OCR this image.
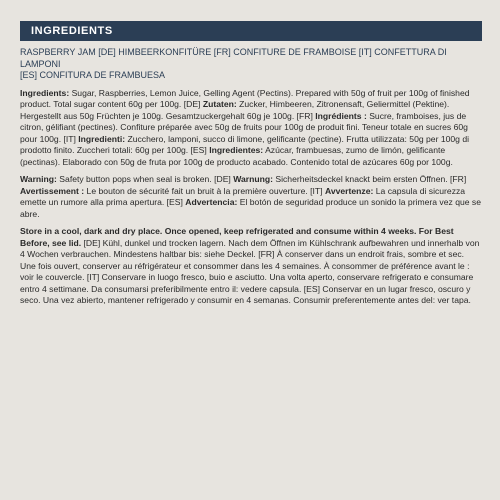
INGREDIENTS
RASPBERRY JAM [DE] HIMBEERKONFITÜRE [FR] CONFITURE DE FRAMBOISE [IT] CONFETTURA DI LAMPONI
[ES] CONFITURA DE FRAMBUESA
Ingredients: Sugar, Raspberries, Lemon Juice, Gelling Agent (Pectins). Prepared with 50g of fruit per 100g of finished product. Total sugar content 60g per 100g. [DE] Zutaten: Zucker, Himbeeren, Zitronensaft, Geliermittel (Pektine). Hergestellt aus 50g Früchten je 100g. Gesamtzuckergehalt 60g je 100g. [FR] Ingrédients : Sucre, framboises, jus de citron, gélifiant (pectines). Confiture préparée avec 50g de fruits pour 100g de produit fini. Teneur totale en sucres 60g pour 100g. [IT] Ingredienti: Zucchero, lamponi, succo di limone, gelificante (pectine). Frutta utilizzata: 50g per 100g di prodotto finito. Zuccheri totali: 60g per 100g. [ES] Ingredientes: Azúcar, frambuesas, zumo de limón, gelificante (pectinas). Elaborado con 50g de fruta por 100g de producto acabado. Contenido total de azúcares 60g por 100g.
Warning: Safety button pops when seal is broken. [DE] Warnung: Sicherheitsdeckel knackt beim ersten Öffnen. [FR] Avertissement : Le bouton de sécurité fait un bruit à la première ouverture. [IT] Avvertenze: La capsula di sicurezza emette un rumore alla prima apertura. [ES] Advertencia: El botón de seguridad produce un sonido la primera vez que se abre.
Store in a cool, dark and dry place. Once opened, keep refrigerated and consume within 4 weeks. For Best Before, see lid. [DE] Kühl, dunkel und trocken lagern. Nach dem Öffnen im Kühlschrank aufbewahren und innerhalb von 4 Wochen verbrauchen. Mindestens haltbar bis: siehe Deckel. [FR] À conserver dans un endroit frais, sombre et sec. Une fois ouvert, conserver au réfrigérateur et consommer dans les 4 semaines. À consommer de préférence avant le : voir le couvercle. [IT] Conservare in luogo fresco, buio e asciutto. Una volta aperto, conservare refrigerato e consumare entro 4 settimane. Da consumarsi preferibilmente entro il: vedere capsula. [ES] Conservar en un lugar fresco, oscuro y seco. Una vez abierto, mantener refrigerado y consumir en 4 semanas. Consumir preferentemente antes del: ver tapa.
